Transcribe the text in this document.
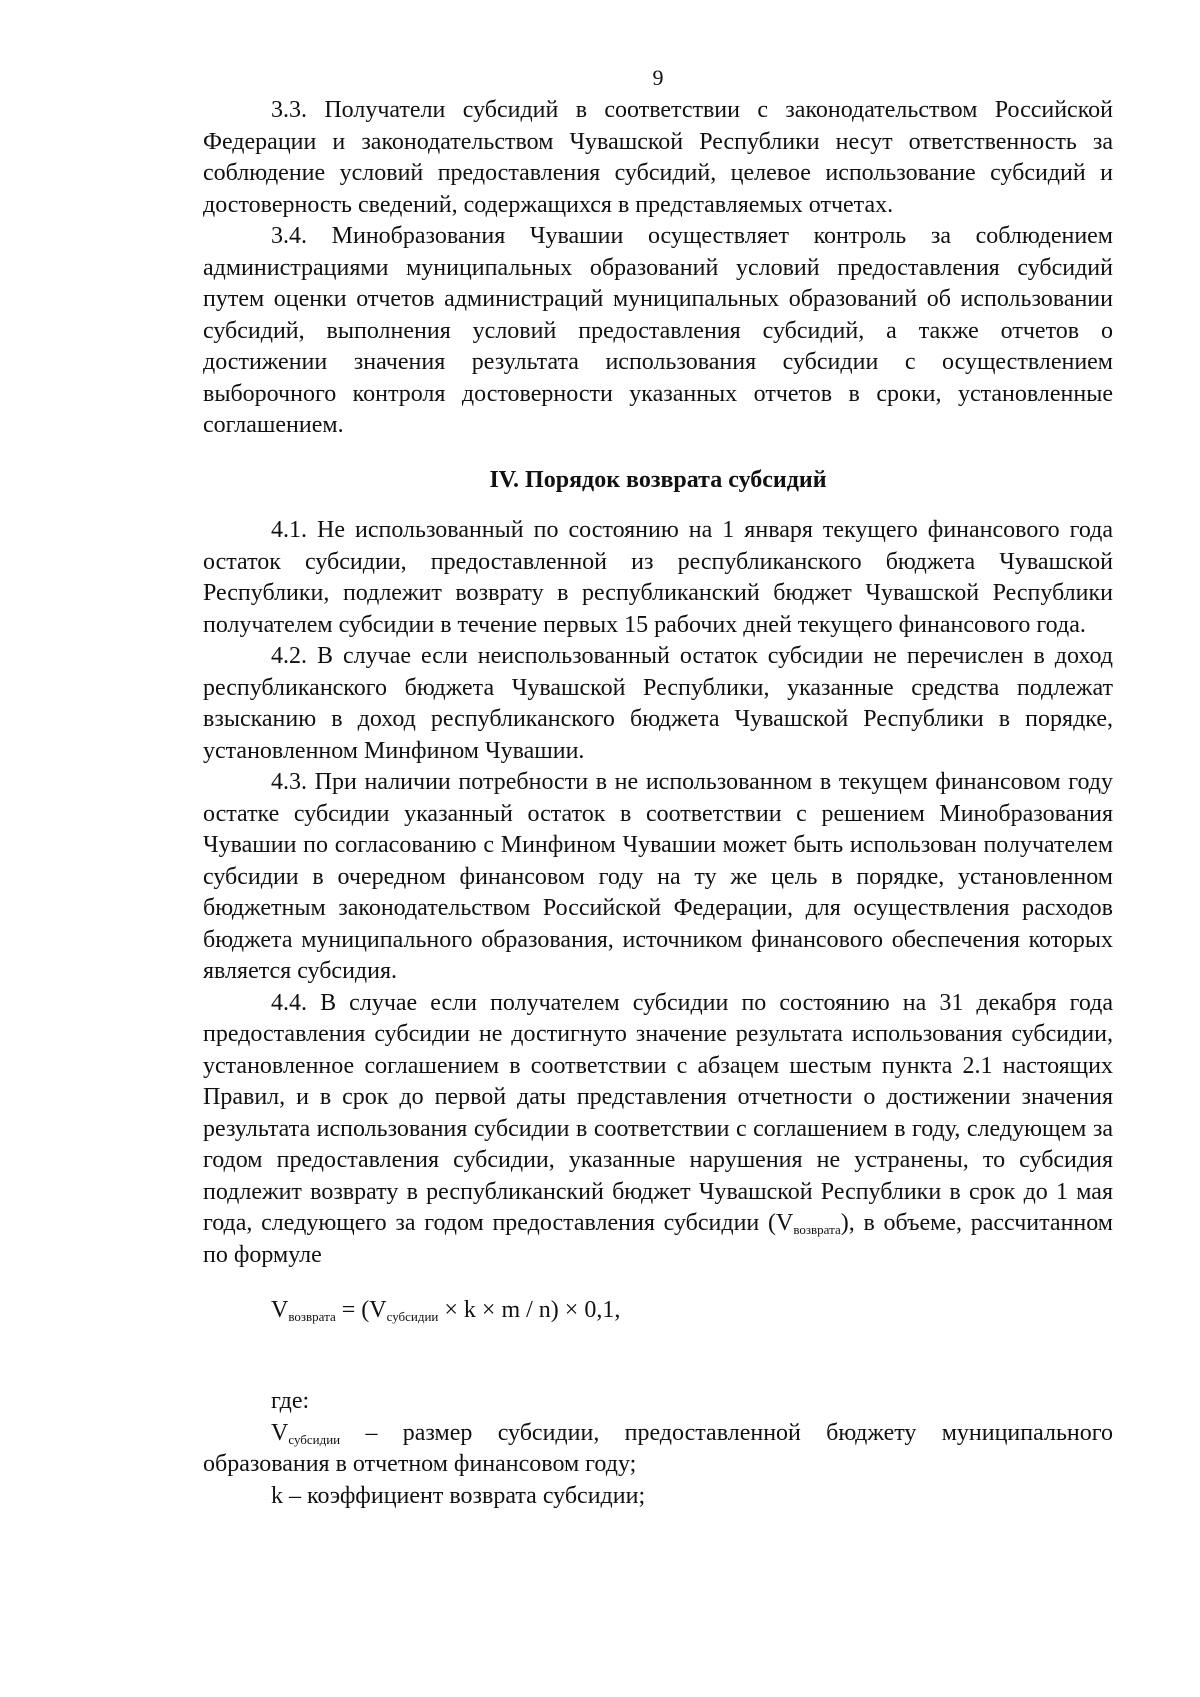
9

3.3. Получатели субсидий в соответствии с законодательством Российской Федерации и законодательством Чувашской Республики несут ответственность за соблюдение условий предоставления субсидий, целевое использование субсидий и достоверность сведений, содержащихся в представляемых отчетах.

3.4. Минобразования Чувашии осуществляет контроль за соблюдением администрациями муниципальных образований условий предоставления субсидий путем оценки отчетов администраций муниципальных образований об использовании субсидий, выполнения условий предоставления субсидий, а также отчетов о достижении значения результата использования субсидии с осуществлением выборочного контроля достоверности указанных отчетов в сроки, установленные соглашением.

IV. Порядок возврата субсидий

4.1. Не использованный по состоянию на 1 января текущего финансового года остаток субсидии, предоставленной из республиканского бюджета Чувашской Республики, подлежит возврату в республиканский бюджет Чувашской Республики получателем субсидии в течение первых 15 рабочих дней текущего финансового года.

4.2. В случае если неиспользованный остаток субсидии не перечислен в доход республиканского бюджета Чувашской Республики, указанные средства подлежат взысканию в доход республиканского бюджета Чувашской Республики в порядке, установленном Минфином Чувашии.

4.3. При наличии потребности в не использованном в текущем финансовом году остатке субсидии указанный остаток в соответствии с решением Минобразования Чувашии по согласованию с Минфином Чувашии может быть использован получателем субсидии в очередном финансовом году на ту же цель в порядке, установленном бюджетным законодательством Российской Федерации, для осуществления расходов бюджета муниципального образования, источником финансового обеспечения которых является субсидия.

4.4. В случае если получателем субсидии по состоянию на 31 декабря года предоставления субсидии не достигнуто значение результата использования субсидии, установленное соглашением в соответствии с абзацем шестым пункта 2.1 настоящих Правил, и в срок до первой даты представления отчетности о достижении значения результата использования субсидии в соответствии с соглашением в году, следующем за годом предоставления субсидии, указанные нарушения не устранены, то субсидия подлежит возврату в республиканский бюджет Чувашской Республики в срок до 1 мая года, следующего за годом предоставления субсидии $(V_{возврата})$, в объеме, рассчитанном по формуле

$V_{возврата} = (V_{субсидии} \times k \times m / n) \times 0,1$,

где:

$V_{субсидии}$ – размер субсидии, предоставленной бюджету муниципального образования в отчетном финансовом году;

k – коэффициент возврата субсидии;
